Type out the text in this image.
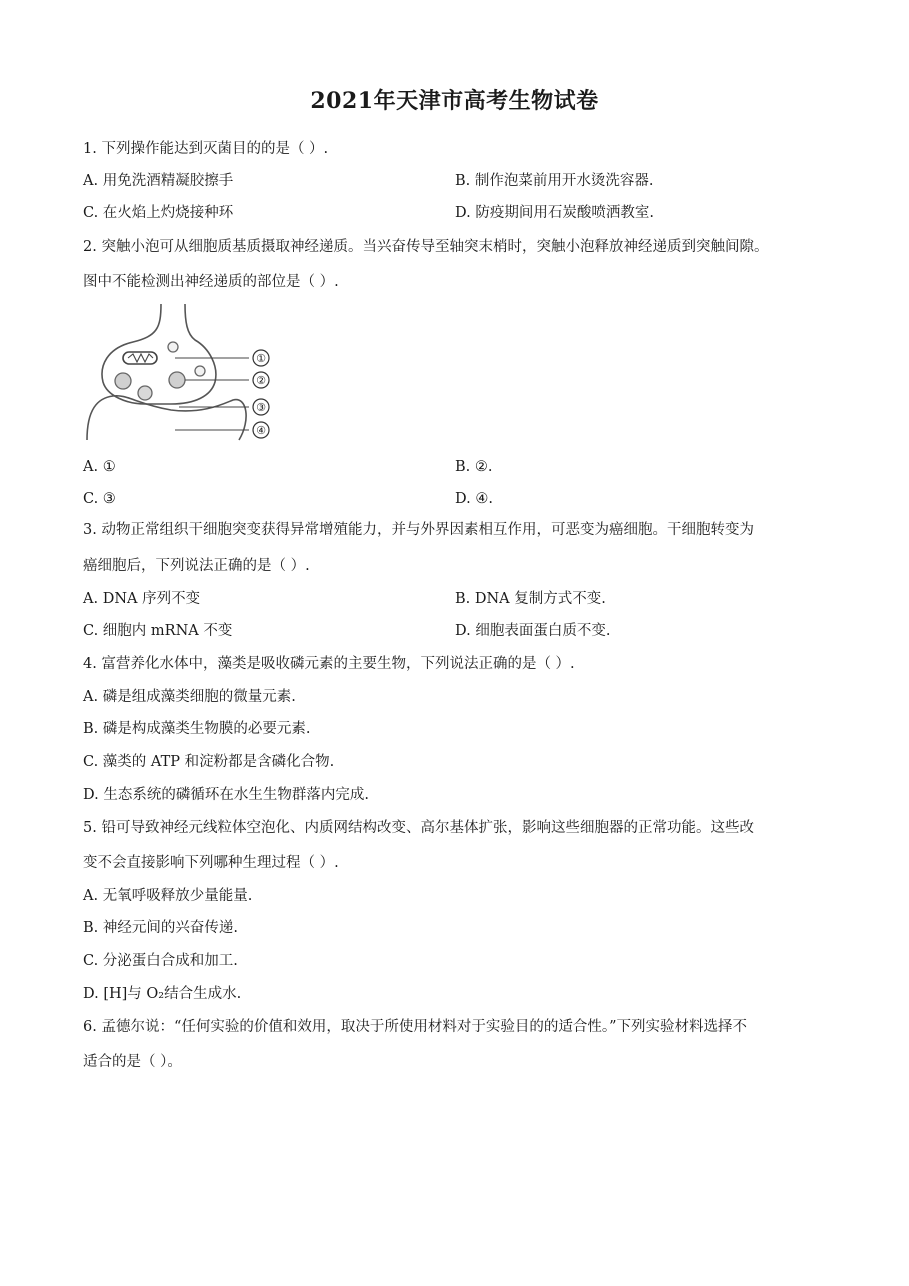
2021年天津市高考生物试卷
1. 下列操作能达到灭菌目的的是（ ）.
A. 用免洗酒精凝胶擦手	B. 制作泡菜前用开水烫洗容器.
C. 在火焰上灼烧接种环	D. 防疫期间用石炭酸喷洒教室.
2. 突触小泡可从细胞质基质摄取神经递质。当兴奋传导至轴突末梢时，突触小泡释放神经递质到突触间隙。
图中不能检测出神经递质的部位是（ ）.
①
②
③
④
A. ①	B. ②.
C. ③	D. ④.
3. 动物正常组织干细胞突变获得异常增殖能力，并与外界因素相互作用，可恶变为癌细胞。干细胞转变为
癌细胞后，下列说法正确的是（ ）.
A. DNA 序列不变	B. DNA 复制方式不变.
C. 细胞内 mRNA 不变	D. 细胞表面蛋白质不变.
4. 富营养化水体中，藻类是吸收磷元素的主要生物，下列说法正确的是（ ）.
A. 磷是组成藻类细胞的微量元素.
B. 磷是构成藻类生物膜的必要元素.
C. 藻类的 ATP 和淀粉都是含磷化合物.
D. 生态系统的磷循环在水生生物群落内完成.
5. 铅可导致神经元线粒体空泡化、内质网结构改变、高尔基体扩张，影响这些细胞器的正常功能。这些改
变不会直接影响下列哪种生理过程（ ）.
A. 无氧呼吸释放少量能量.
B. 神经元间的兴奋传递.
C. 分泌蛋白合成和加工.
D. [H]与 O₂结合生成水.
6. 孟德尔说：“任何实验的价值和效用，取决于所使用材料对于实验目的的适合性。”下列实验材料选择不
适合的是（ ）。
